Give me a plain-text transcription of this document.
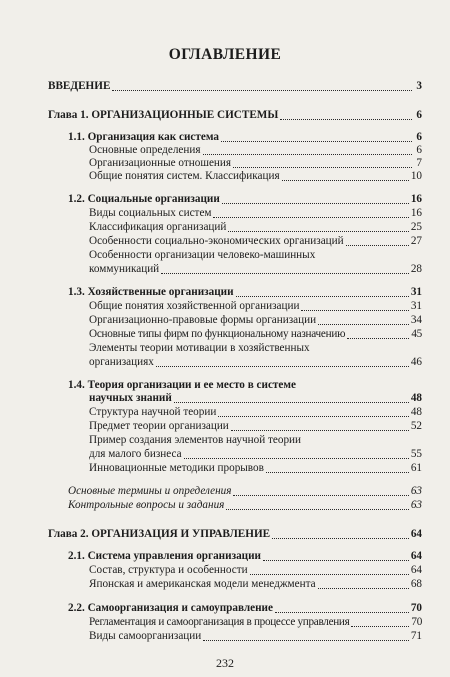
ОГЛАВЛЕНИЕ
ВВЕДЕНИЕ	3
Глава 1. ОРГАНИЗАЦИОННЫЕ СИСТЕМЫ	6
1.1. Организация как система	6
Основные определения	6
Организационные отношения	7
Общие понятия систем. Классификация	10
1.2. Социальные организации	16
Виды социальных систем	16
Классификация организаций	25
Особенности социально-экономических организаций	27
Особенности организации человеко-машинных
коммуникаций	28
1.3. Хозяйственные организации	31
Общие понятия хозяйственной организации	31
Организационно-правовые формы организации	34
Основные типы фирм по функциональному назначению	45
Элементы теории мотивации в хозяйственных
организациях	46
1.4. Теория организации и ее место в системе
научных знаний	48
Структура научной теории	48
Предмет теории организации	52
Пример создания элементов научной теории
для малого бизнеса	55
Инновационные методики прорывов	61
Основные термины и определения	63
Контрольные вопросы и задания	63
Глава 2. ОРГАНИЗАЦИЯ И УПРАВЛЕНИЕ	64
2.1. Система управления организации	64
Состав, структура и особенности	64
Японская и американская модели менеджмента	68
2.2. Самоорганизация и самоуправление	70
Регламентация и самоорганизация в процессе управления	70
Виды самоорганизации	71
232
